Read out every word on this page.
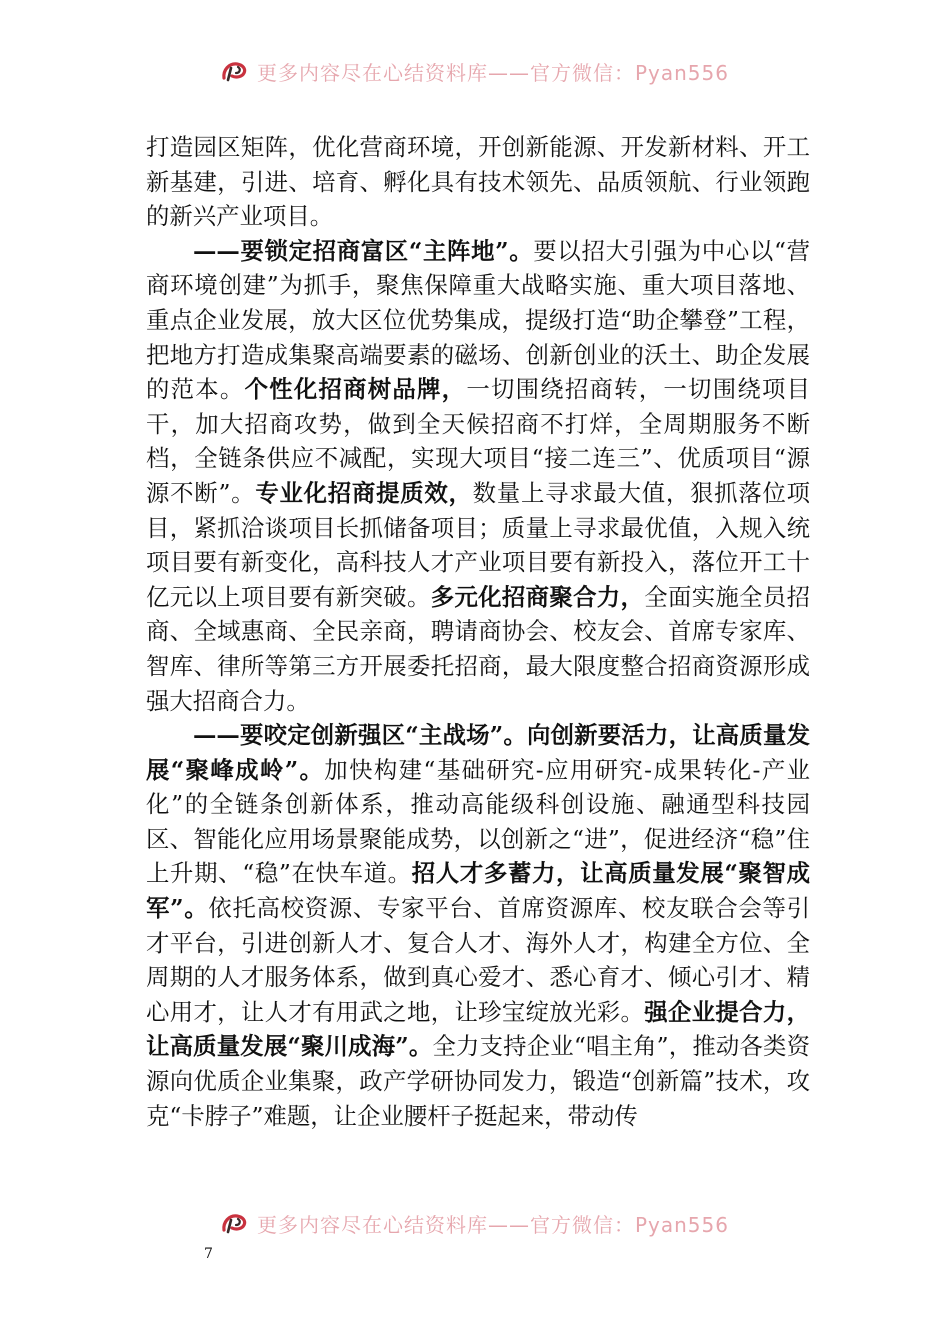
更多内容尽在心结资料库——官方微信：Pyan556

打造园区矩阵，优化营商环境，开创新能源、开发新材料、开工新基建，引进、培育、孵化具有技术领先、品质领航、行业领跑的新兴产业项目。

——要锁定招商富区“主阵地”。要以招大引强为中心以“营商环境创建”为抓手，聚焦保障重大战略实施、重大项目落地、重点企业发展，放大区位优势集成，提级打造“助企攀登”工程，把地方打造成集聚高端要素的磁场、创新创业的沃土、助企发展的范本。个性化招商树品牌，一切围绕招商转，一切围绕项目干，加大招商攻势，做到全天候招商不打烊，全周期服务不断档，全链条供应不减配，实现大项目“接二连三”、优质项目“源源不断”。专业化招商提质效，数量上寻求最大值，狠抓落位项目，紧抓洽谈项目长抓储备项目；质量上寻求最优值，入规入统项目要有新变化，高科技人才产业项目要有新投入，落位开工十亿元以上项目要有新突破。多元化招商聚合力，全面实施全员招商、全域惠商、全民亲商，聘请商协会、校友会、首席专家库、智库、律所等第三方开展委托招商，最大限度整合招商资源形成强大招商合力。

——要咬定创新强区“主战场”。向创新要活力，让高质量发展“聚峰成岭”。加快构建“基础研究-应用研究-成果转化-产业化”的全链条创新体系，推动高能级科创设施、融通型科技园区、智能化应用场景聚能成势，以创新之“进”，促进经济“稳”住上升期、“稳”在快车道。招人才多蓄力，让高质量发展“聚智成军”。依托高校资源、专家平台、首席资源库、校友联合会等引才平台，引进创新人才、复合人才、海外人才，构建全方位、全周期的人才服务体系，做到真心爱才、悉心育才、倾心引才、精心用才，让人才有用武之地，让珍宝绽放光彩。强企业提合力，让高质量发展“聚川成海”。全力支持企业“唱主角”，推动各类资源向优质企业集聚，政产学研协同发力，锻造“创新篇”技术，攻克“卡脖子”难题，让企业腰杆子挺起来，带动传

更多内容尽在心结资料库——官方微信：Pyan556
7
